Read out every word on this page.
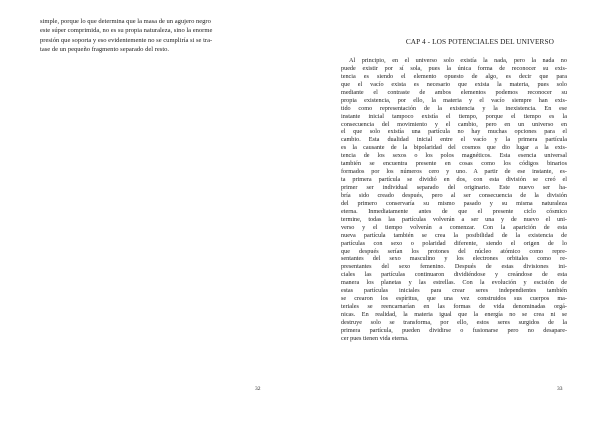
simple, porque lo que determina que la masa de un agujero negro
este súper comprimida, no es su propia naturaleza, sino la enorme
presión que soporta y eso evidentemente no se cumpliría si se tra-
tase de un pequeño fragmento separado del resto.
32
CAP 4 - LOS POTENCIALES DEL UNIVERSO
Al principio, en el universo solo existía la nada, pero la nada no
puede existir por sí sola, pues la única forma de reconocer su exis-
tencia es siendo el elemento opuesto de algo, es decir que para
que el vacío exista es necesario que exista la materia, pues solo
mediante el contraste de ambos elementos podemos reconocer su
propia existencia, por ello, la materia y el vacío siempre han exis-
tido como representación de la existencia y la inexistencia. En ese
instante inicial tampoco existía el tiempo, porque el tiempo es la
consecuencia del movimiento y el cambio, pero en un universo en
el que solo existía una partícula no hay muchas opciones para el
cambio. Esta dualidad inicial entre el vacío y la primera partícula
es la causante de la bipolaridad del cosmos que dio lugar a la exis-
tencia de los sexos o los polos magnéticos. Esta esencia universal
también se encuentra presente en cosas como los códigos binarios
formados por los números cero y uno. A partir de ese instante, es-
ta primera partícula se dividió en dos, con esta división se creó el
primer ser individual separado del originario. Este nuevo ser ha-
bría sido creado después, pero al ser consecuencia de la división
del primero conservaría su mismo pasado y su misma naturaleza
eterna. Inmediatamente antes de que el presente ciclo cósmico
termine, todas las partículas volverán a ser una y de nuevo el uni-
verso y el tiempo volverán a comenzar. Con la aparición de esta
nueva partícula también se crea la posibilidad de la existencia de
partículas con sexo o polaridad diferente, siendo el origen de lo
que después serían los protones del núcleo atómico como repre-
sentantes del sexo masculino y los electrones orbitales como re-
presentantes del sexo femenino. Después de estas divisiones ini-
ciales las partículas continuaron dividiéndose y creándose de esta
manera los planetas y las estrellas. Con la evolución y escisión de
estas partículas iniciales para crear seres independientes también
se crearon los espíritus, que una vez construidos sus cuerpos ma-
teriales se reencarnarían en las formas de vida denominadas orgá-
nicas. En realidad, la materia igual que la energía no se crea ni se
destruye solo se transforma, por ello, estos seres surgidos de la
primera partícula, pueden dividirse o fusionarse pero no desapare-
cer pues tienen vida eterna.
33
